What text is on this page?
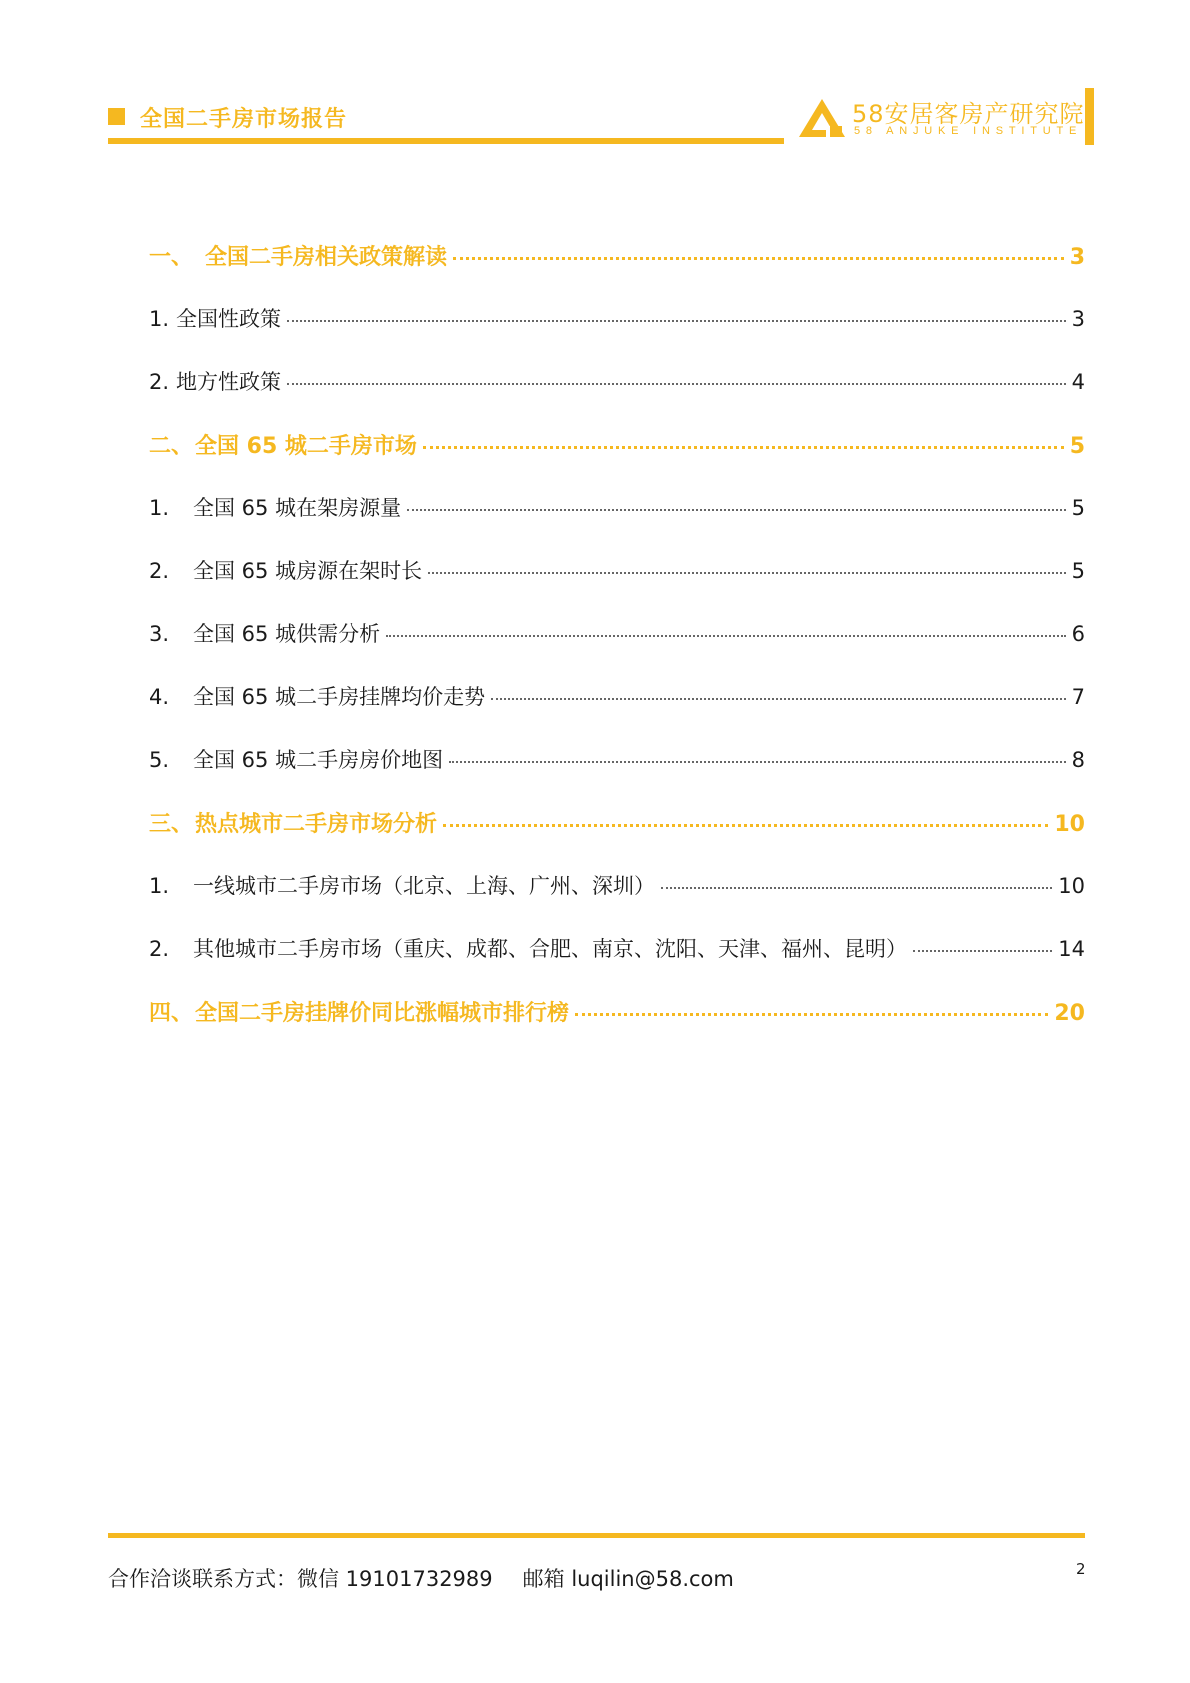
全国二手房市场报告	58安居客房产研究院
58 ANJUKE INSTITUTE
一、 全国二手房相关政策解读	3
1. 全国性政策	3
2. 地方性政策	4
二、 全国 65 城二手房市场	5
1.	全国 65 城在架房源量	5
2.	全国 65 城房源在架时长	5
3.	全国 65 城供需分析	6
4.	全国 65 城二手房挂牌均价走势	7
5.	全国 65 城二手房房价地图	8
三、 热点城市二手房市场分析	10
1.	一线城市二手房市场（北京、上海、广州、深圳）	10
2.	其他城市二手房市场（重庆、成都、合肥、南京、沈阳、天津、福州、昆明）	14
四、 全国二手房挂牌价同比涨幅城市排行榜	20
合作洽谈联系方式：微信 19101732989 邮箱 luqilin@58.com	2
